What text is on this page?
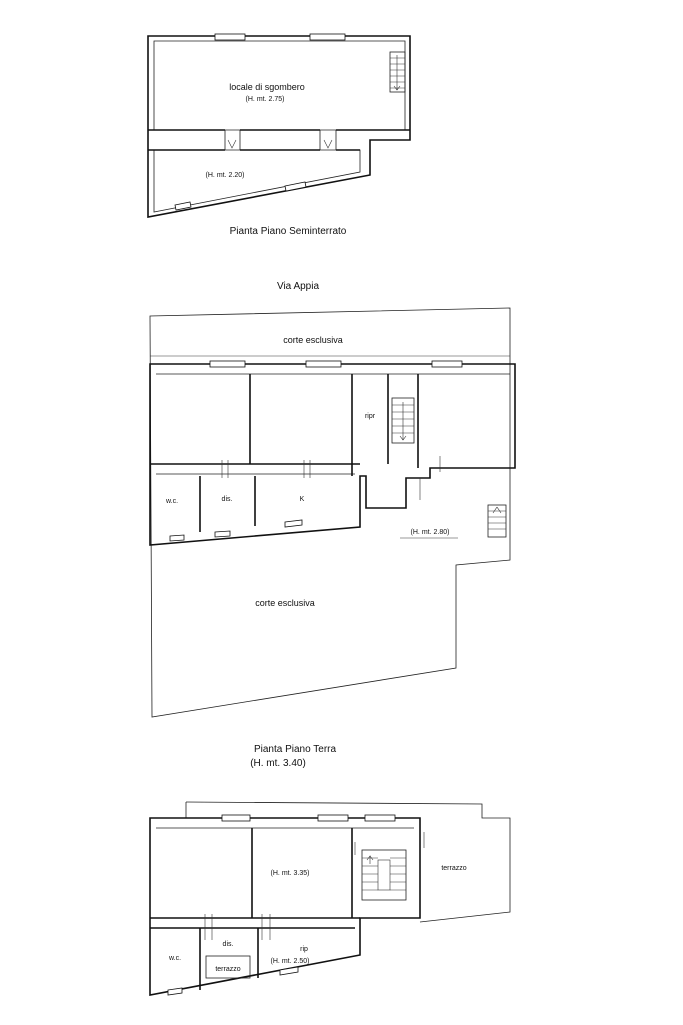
locale di sgombero
(H. mt. 2.75)
(H. mt. 2.20)
Pianta Piano Seminterrato
Via Appia
corte esclusiva
ripr
w.c.	dis.	K
(H. mt. 2.80)
corte esclusiva
Pianta Piano Terra
(H. mt. 3.40)
(H. mt. 3.35)
terrazzo
w.c.
dis.
terrazzo
rip
(H. mt. 2.50)
